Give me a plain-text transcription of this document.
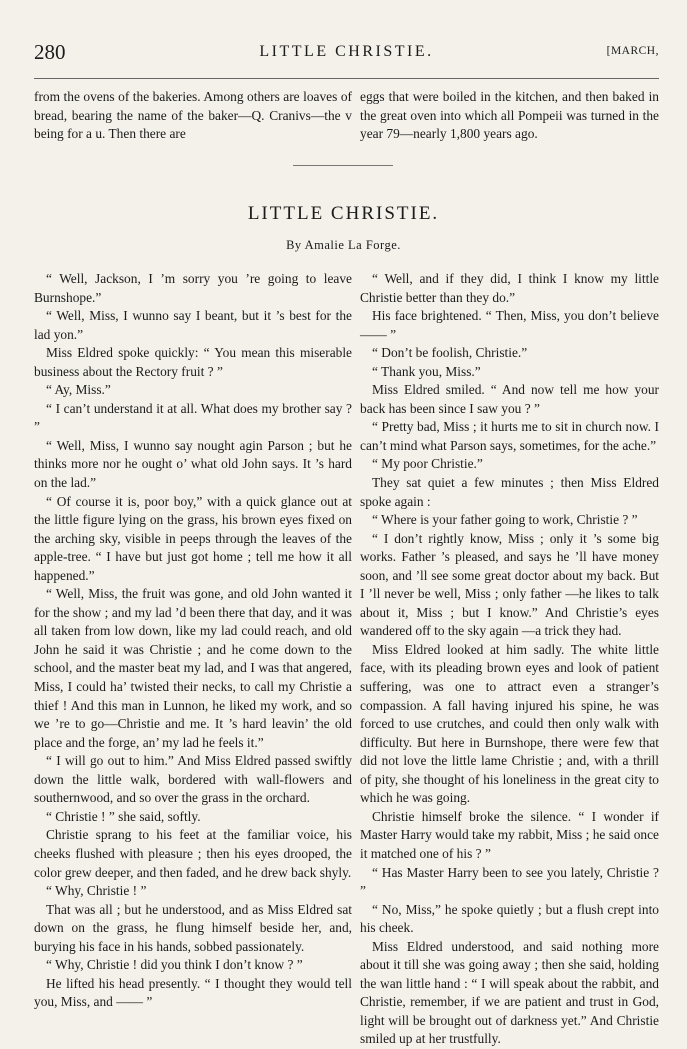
280	LITTLE CHRISTIE.	[MARCH,

from the ovens of the bakeries. Among others are loaves of bread, bearing the name of the baker—Q. Cranivs—the v being for a u. Then there are

eggs that were boiled in the kitchen, and then baked in the great oven into which all Pompeii was turned in the year 79—nearly 1,800 years ago.

LITTLE CHRISTIE.
By Amalie La Forge.

“ Well, Jackson, I ’m sorry you ’re going to leave Burnshope.”

“ Well, Miss, I wunno say I beant, but it ’s best for the lad yon.”

Miss Eldred spoke quickly: “ You mean this miserable business about the Rectory fruit ? ”

“ Ay, Miss.”

“ I can’t understand it at all. What does my brother say ? ”

“ Well, Miss, I wunno say nought agin Parson ; but he thinks more nor he ought o’ what old John says. It ’s hard on the lad.”

“ Of course it is, poor boy,” with a quick glance out at the little figure lying on the grass, his brown eyes fixed on the arching sky, visible in peeps through the leaves of the apple-tree. “ I have but just got home ; tell me how it all happened.”

“ Well, Miss, the fruit was gone, and old John wanted it for the show ; and my lad ’d been there that day, and it was all taken from low down, like my lad could reach, and old John he said it was Christie ; and he come down to the school, and the master beat my lad, and I was that angered, Miss, I could ha’ twisted their necks, to call my Christie a thief ! And this man in Lunnon, he liked my work, and so we ’re to go—Christie and me. It ’s hard leavin’ the old place and the forge, an’ my lad he feels it.”

“ I will go out to him.” And Miss Eldred passed swiftly down the little walk, bordered with wall-flowers and southernwood, and so over the grass in the orchard.

“ Christie ! ” she said, softly.

Christie sprang to his feet at the familiar voice, his cheeks flushed with pleasure ; then his eyes drooped, the color grew deeper, and then faded, and he drew back shyly.

“ Why, Christie ! ”

That was all ; but he understood, and as Miss Eldred sat down on the grass, he flung himself beside her, and, burying his face in his hands, sobbed passionately.

“ Why, Christie ! did you think I don’t know ? ”

He lifted his head presently. “ I thought they would tell you, Miss, and —— ”

“ Well, and if they did, I think I know my little Christie better than they do.”

His face brightened. “ Then, Miss, you don’t believe —— ”

“ Don’t be foolish, Christie.”

“ Thank you, Miss.”

Miss Eldred smiled. “ And now tell me how your back has been since I saw you ? ”

“ Pretty bad, Miss ; it hurts me to sit in church now. I can’t mind what Parson says, sometimes, for the ache.”

“ My poor Christie.”

They sat quiet a few minutes ; then Miss Eldred spoke again :

“ Where is your father going to work, Christie ? ”

“ I don’t rightly know, Miss ; only it ’s some big works. Father ’s pleased, and says he ’ll have money soon, and ’ll see some great doctor about my back. But I ’ll never be well, Miss ; only father —he likes to talk about it, Miss ; but I know.” And Christie’s eyes wandered off to the sky again —a trick they had.

Miss Eldred looked at him sadly. The white little face, with its pleading brown eyes and look of patient suffering, was one to attract even a stranger’s compassion. A fall having injured his spine, he was forced to use crutches, and could then only walk with difficulty. But here in Burnshope, there were few that did not love the little lame Christie ; and, with a thrill of pity, she thought of his loneliness in the great city to which he was going.

Christie himself broke the silence. “ I wonder if Master Harry would take my rabbit, Miss ; he said once it matched one of his ? ”

“ Has Master Harry been to see you lately, Christie ? ”

“ No, Miss,” he spoke quietly ; but a flush crept into his cheek.

Miss Eldred understood, and said nothing more about it till she was going away ; then she said, holding the wan little hand : “ I will speak about the rabbit, and Christie, remember, if we are patient and trust in God, light will be brought out of darkness yet.” And Christie smiled up at her trustfully.
